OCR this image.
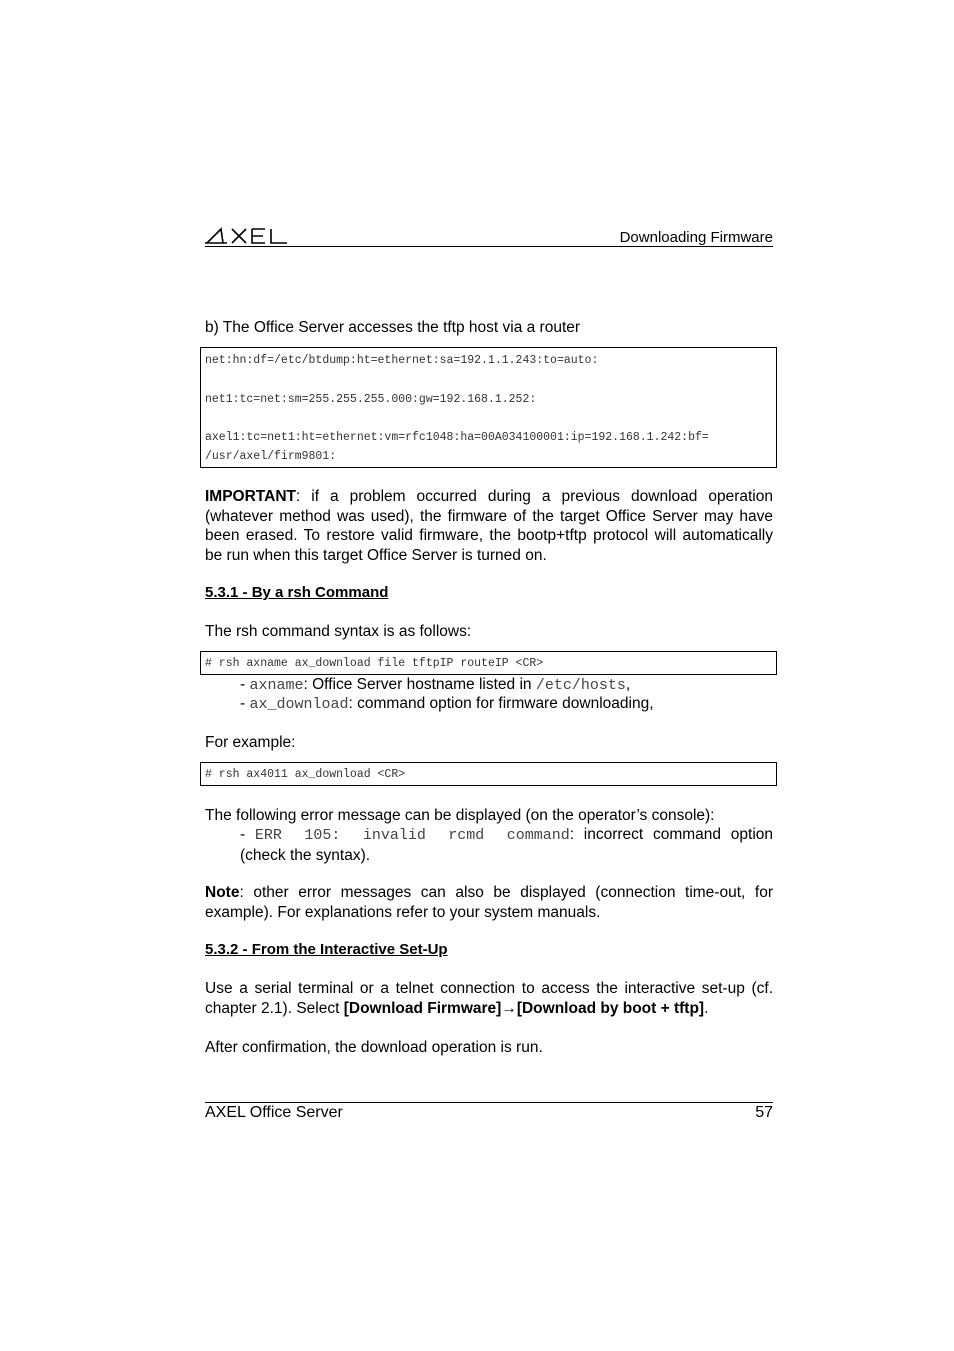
Downloading Firmware
b) The Office Server accesses the tftp host via a router
net:hn:df=/etc/btdump:ht=ethernet:sa=192.1.1.243:to=auto:
net1:tc=net:sm=255.255.255.000:gw=192.168.1.252:
axel1:tc=net1:ht=ethernet:vm=rfc1048:ha=00A034100001:ip=192.168.1.242:bf=
/usr/axel/firm9801:
IMPORTANT: if a problem occurred during a previous download operation (whatever method was used), the firmware of the target Office Server may have been erased. To restore valid firmware, the bootp+tftp protocol will automatically be run when this target Office Server is turned on.
5.3.1 - By a rsh Command
The rsh command syntax is as follows:
# rsh axname ax_download file tftpIP routeIP <CR>
- axname: Office Server hostname listed in /etc/hosts,
- ax_download: command option for firmware downloading,
For example:
# rsh ax4011 ax_download <CR>
The following error message can be displayed (on the operator’s console):
- ERR 105: invalid rcmd command: incorrect command option (check the syntax).
Note: other error messages can also be displayed (connection time-out, for example). For explanations refer to your system manuals.
5.3.2 - From the Interactive Set-Up
Use a serial terminal or a telnet connection to access the interactive set-up (cf. chapter 2.1). Select [Download Firmware]→[Download by boot + tftp].
After confirmation, the download operation is run.
AXEL Office Server	57
